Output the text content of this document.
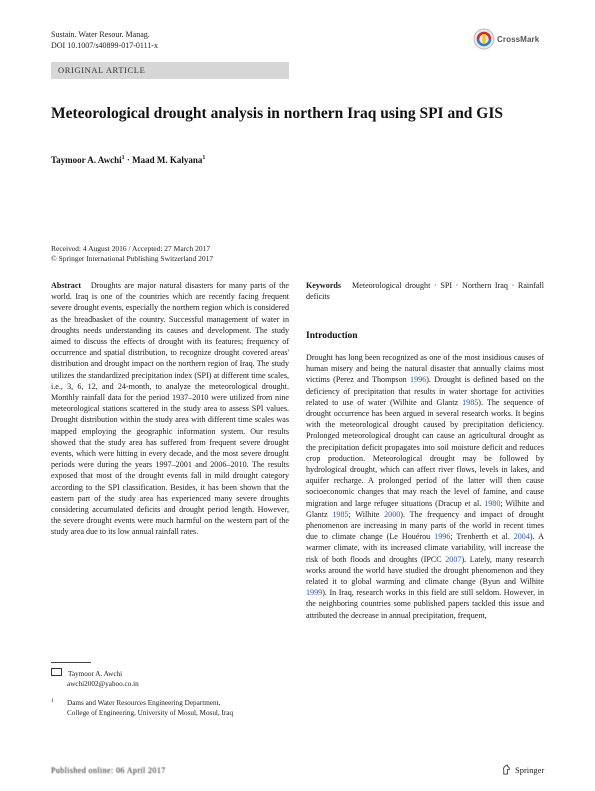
Sustain. Water Resour. Manag.
DOI 10.1007/s40899-017-0111-x
CrossMark
ORIGINAL ARTICLE
Meteorological drought analysis in northern Iraq using SPI and GIS
Taymoor A. Awchi$^1$ · Maad M. Kalyana$^1$
Received: 4 August 2016 / Accepted: 27 March 2017
© Springer International Publishing Switzerland 2017
Abstract Droughts are major natural disasters for many parts of the world. Iraq is one of the countries which are recently facing frequent severe drought events, especially the northern region which is considered as the breadbasket of the country. Successful management of water in droughts needs understanding its causes and development. The study aimed to discuss the effects of drought with its features; frequency of occurrence and spatial distribution, to recognize drought covered areas' distribution and drought impact on the northern region of Iraq. The study utilizes the standardized precipitation index (SPI) at different time scales, i.e., 3, 6, 12, and 24-month, to analyze the meteorological drought. Monthly rainfall data for the period 1937–2010 were utilized from nine meteorological stations scattered in the study area to assess SPI values. Drought distribution within the study area with different time scales was mapped employing the geographic information system. Our results showed that the study area has suffered from frequent severe drought events, which were hitting in every decade, and the most severe drought periods were during the years 1997–2001 and 2006–2010. The results exposed that most of the drought events fall in mild drought category according to the SPI classification. Besides, it has been shown that the eastern part of the study area has experienced many severe droughts considering accumulated deficits and drought period length. However, the severe drought events were much harmful on the western part of the study area due to its low annual rainfall rates.
Keywords Meteorological drought · SPI · Northern Iraq · Rainfall deficits
Introduction
Drought has long been recognized as one of the most insidious causes of human misery and being the natural disaster that annually claims most victims (Perez and Thompson 1996). Drought is defined based on the deficiency of precipitation that results in water shortage for activities related to use of water (Wilhite and Glantz 1985). The sequence of drought occurrence has been argued in several research works. It begins with the meteorological drought caused by precipitation deficiency. Prolonged meteorological drought can cause an agricultural drought as the precipitation deficit propagates into soil moisture deficit and reduces crop production. Meteorological drought may be followed by hydrological drought, which can affect river flows, levels in lakes, and aquifer recharge. A prolonged period of the latter will then cause socioeconomic changes that may reach the level of famine, and cause migration and large refugee situations (Dracup et al. 1980; Wilhite and Glantz 1985; Wilhite 2000). The frequency and impact of drought phenomenon are increasing in many parts of the world in recent times due to climate change (Le Houérou 1996; Trenberth et al. 2004). A warmer climate, with its increased climate variability, will increase the risk of both floods and droughts (IPCC 2007). Lately, many research works around the world have studied the drought phenomenon and they related it to global warming and climate change (Byun and Wilhite 1999). In Iraq, research works in this field are still seldom. However, in the neighboring countries some published papers tackled this issue and attributed the decrease in annual precipitation, frequent,
Taymoor A. Awchi
awchi2002@yahoo.co.in
1 Dams and Water Resources Engineering Department,
College of Engineering, University of Mosul, Mosul, Iraq
Published online: 06 April 2017	Springer
